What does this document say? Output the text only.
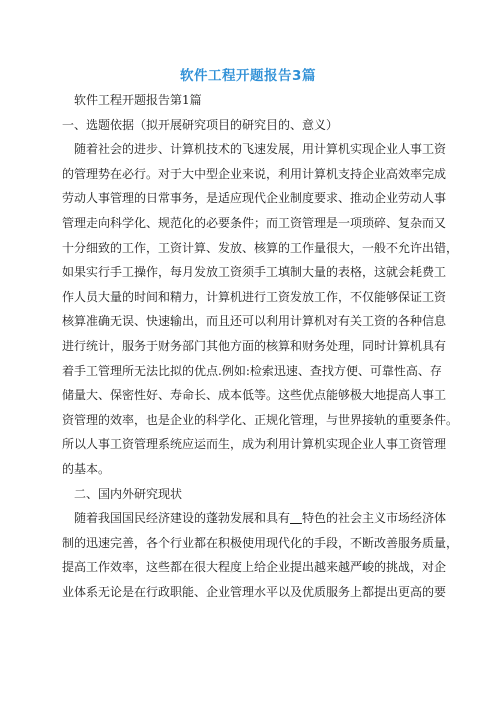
软件工程开题报告3篇
软件工程开题报告第1篇
一、选题依据（拟开展研究项目的研究目的、意义）
随着社会的进步、计算机技术的飞速发展，用计算机实现企业人事工资
的管理势在必行。对于大中型企业来说，利用计算机支持企业高效率完成
劳动人事管理的日常事务，是适应现代企业制度要求、推动企业劳动人事
管理走向科学化、规范化的必要条件；而工资管理是一项琐碎、复杂而又
十分细致的工作，工资计算、发放、核算的工作量很大，一般不允许出错，
如果实行手工操作，每月发放工资须手工填制大量的表格，这就会耗费工
作人员大量的时间和精力，计算机进行工资发放工作，不仅能够保证工资
核算准确无误、快速输出，而且还可以利用计算机对有关工资的各种信息
进行统计，服务于财务部门其他方面的核算和财务处理，同时计算机具有
着手工管理所无法比拟的优点.例如:检索迅速、查找方便、可靠性高、存
储量大、保密性好、寿命长、成本低等。这些优点能够极大地提高人事工
资管理的效率，也是企业的科学化、正规化管理，与世界接轨的重要条件。
所以人事工资管理系统应运而生，成为利用计算机实现企业人事工资管理
的基本。
二、国内外研究现状
随着我国国民经济建设的蓬勃发展和具有 特色的社会主义市场经济体
制的迅速完善，各个行业都在积极使用现代化的手段，不断改善服务质量，
提高工作效率，这些都在很大程度上给企业提出越来越严峻的挑战，对企
业体系无论是在行政职能、企业管理水平以及优质服务上都提出更高的要
